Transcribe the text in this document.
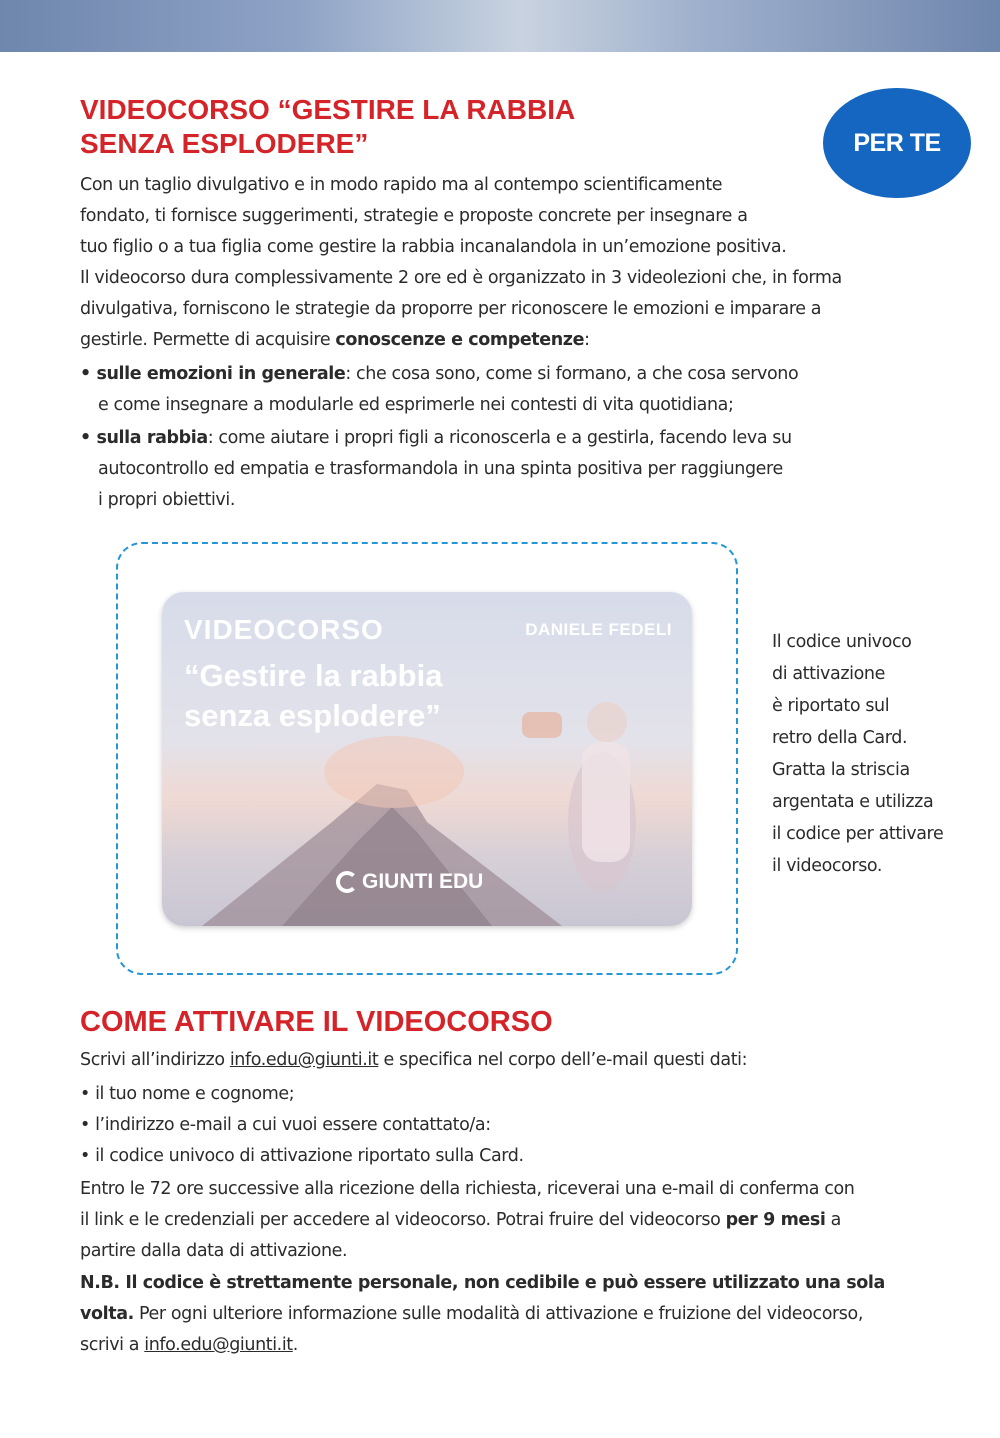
VIDEOCORSO “GESTIRE LA RABBIA
SENZA ESPLODERE”	PER TE

Con un taglio divulgativo e in modo rapido ma al contempo scientificamente

fondato, ti fornisce suggerimenti, strategie e proposte concrete per insegnare a

tuo figlio o a tua figlia come gestire la rabbia incanalandola in un’emozione positiva.

Il videocorso dura complessivamente 2 ore ed è organizzato in 3 videolezioni che, in forma

divulgativa, forniscono le strategie da proporre per riconoscere le emozioni e imparare a

gestirle. Permette di acquisire conoscenze e competenze:

• sulle emozioni in generale: che cosa sono, come si formano, a che cosa servono

e come insegnare a modularle ed esprimerle nei contesti di vita quotidiana;

• sulla rabbia: come aiutare i propri figli a riconoscerla e a gestirla, facendo leva su

autocontrollo ed empatia e trasformandola in una spinta positiva per raggiungere

i propri obiettivi.

VIDEOCORSO
“Gestire la rabbia
senza esplodere”
DANIELE FEDELI
GIUNTI EDU

Il codice univoco

di attivazione

è riportato sul

retro della Card.

Gratta la striscia

argentata e utilizza

il codice per attivare

il videocorso.

COME ATTIVARE IL VIDEOCORSO

Scrivi all’indirizzo info.edu@giunti.it e specifica nel corpo dell’e-mail questi dati:

• il tuo nome e cognome;

• l’indirizzo e-mail a cui vuoi essere contattato/a:

• il codice univoco di attivazione riportato sulla Card.

Entro le 72 ore successive alla ricezione della richiesta, riceverai una e-mail di conferma con

il link e le credenziali per accedere al videocorso. Potrai fruire del videocorso per 9 mesi a

partire dalla data di attivazione.

N.B. Il codice è strettamente personale, non cedibile e può essere utilizzato una sola

volta. Per ogni ulteriore informazione sulle modalità di attivazione e fruizione del videocorso,

scrivi a info.edu@giunti.it.
